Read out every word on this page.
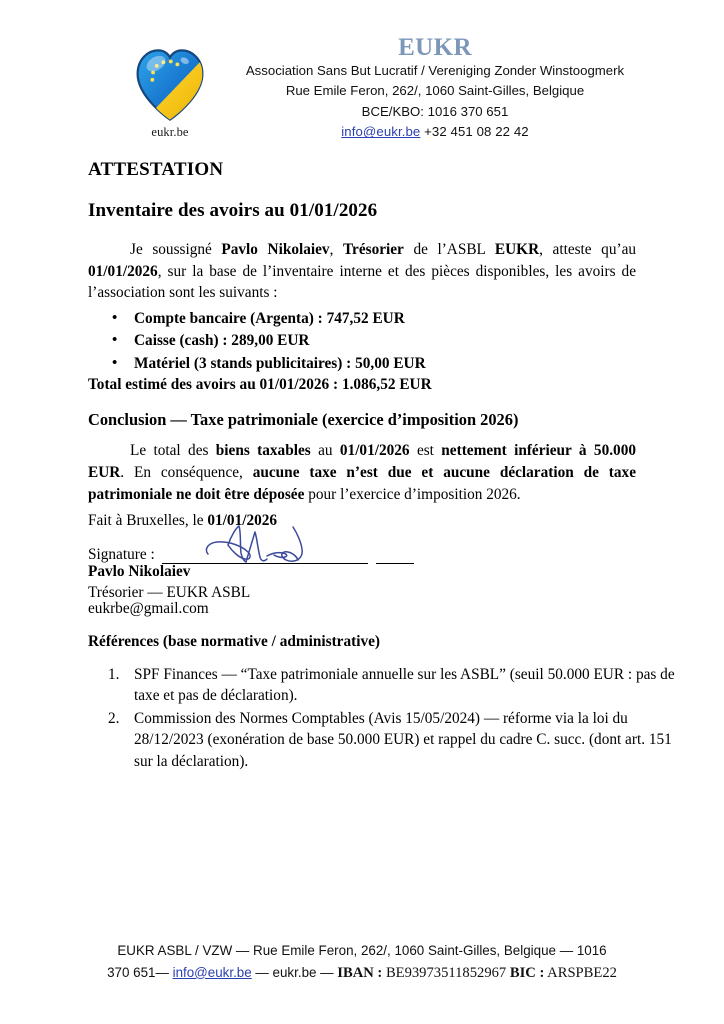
eukr.be
EUKR
Association Sans But Lucratif / Vereniging Zonder Winstoogmerk
Rue Emile Feron, 262/, 1060 Saint-Gilles, Belgique
BCE/KBO: 1016 370 651
info@eukr.be +32 451 08 22 42
ATTESTATION
Inventaire des avoirs au 01/01/2026
Je soussigné Pavlo Nikolaiev, Trésorier de l’ASBL EUKR, atteste qu’au 01/01/2026, sur la base de l’inventaire interne et des pièces disponibles, les avoirs de l’association sont les suivants :
• Compte bancaire (Argenta) : 747,52 EUR
• Caisse (cash) : 289,00 EUR
• Matériel (3 stands publicitaires) : 50,00 EUR
Total estimé des avoirs au 01/01/2026 : 1.086,52 EUR
Conclusion — Taxe patrimoniale (exercice d’imposition 2026)
Le total des biens taxables au 01/01/2026 est nettement inférieur à 50.000 EUR. En conséquence, aucune taxe n’est due et aucune déclaration de taxe patrimoniale ne doit être déposée pour l’exercice d’imposition 2026.
Fait à Bruxelles, le 01/01/2026
Signature :
Pavlo Nikolaiev
Trésorier — EUKR ASBL
eukrbe@gmail.com
Références (base normative / administrative)
SPF Finances — “Taxe patrimoniale annuelle sur les ASBL” (seuil 50.000 EUR : pas de taxe et pas de déclaration).
Commission des Normes Comptables (Avis 15/05/2024) — réforme via la loi du 28/12/2023 (exonération de base 50.000 EUR) et rappel du cadre C. succ. (dont art. 151 sur la déclaration).
EUKR ASBL / VZW — Rue Emile Feron, 262/, 1060 Saint-Gilles, Belgique — 1016
370 651— info@eukr.be — eukr.be — IBAN : BE93973511852967 BIC : ARSPBE22
